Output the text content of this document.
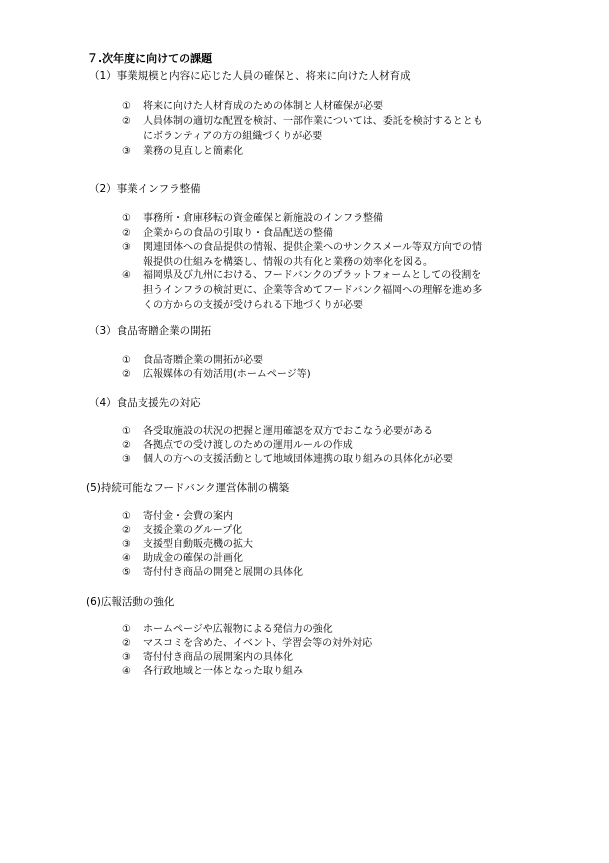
７.次年度に向けての課題
（1）事業規模と内容に応じた人員の確保と、将来に向けた人材育成
①	将来に向けた人材育成のための体制と人材確保が必要
②	人員体制の適切な配置を検討、一部作業については、委託を検討するととも
にボランティアの方の組織づくりが必要
③	業務の見直しと簡素化
（2）事業インフラ整備
①	事務所・倉庫移転の資金確保と新施設のインフラ整備
②	企業からの食品の引取り・食品配送の整備
③	関連団体への食品提供の情報、提供企業へのサンクスメール等双方向での情
報提供の仕組みを構築し、情報の共有化と業務の効率化を図る。
④	福岡県及び九州における、フードバンクのプラットフォームとしての役割を
担うインフラの検討更に、企業等含めてフードバンク福岡への理解を進め多
くの方からの支援が受けられる下地づくりが必要
（3）食品寄贈企業の開拓
①	食品寄贈企業の開拓が必要
②	広報媒体の有効活用(ホームページ等)
（4）食品支援先の対応
①	各受取施設の状況の把握と運用確認を双方でおこなう必要がある
②	各拠点での受け渡しのための運用ルールの作成
③	個人の方への支援活動として地域団体連携の取り組みの具体化が必要
(5)持続可能なフードバンク運営体制の構築
①	寄付金・会費の案内
②	支援企業のグループ化
③	支援型自動販売機の拡大
④	助成金の確保の計画化
⑤	寄付付き商品の開発と展開の具体化
(6)広報活動の強化
①	ホームページや広報物による発信力の強化
②	マスコミを含めた、イベント、学習会等の対外対応
③	寄付付き商品の展開案内の具体化
④	各行政地域と一体となった取り組み
